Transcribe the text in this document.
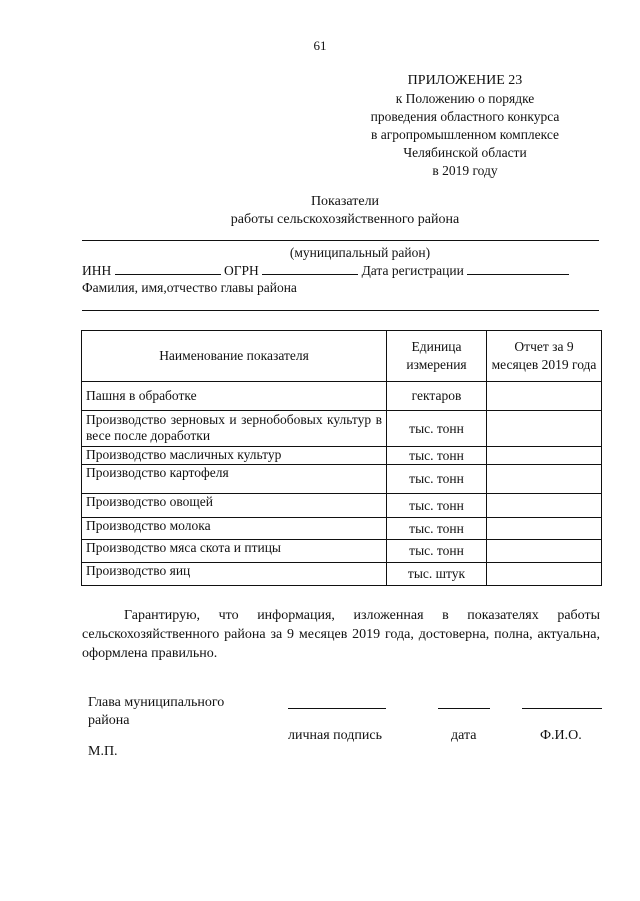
61
ПРИЛОЖЕНИЕ 23
к Положению о порядке
проведения областного конкурса
в агропромышленном комплексе
Челябинской области
в 2019 году
Показатели
работы сельскохозяйственного района
(муниципальный район)
ИНН	ОГРН	Дата регистрации
Фамилия, имя,отчество главы района
Наименование показателя	Единица измерения	Отчет за 9 месяцев 2019 года
Пашня в обработке	гектаров	
Производство зерновых и зернобобовых культур в весе после доработки	тыс. тонн	
Производство масличных культур	тыс. тонн	
Производство картофеля	тыс. тонн	
Производство овощей	тыс. тонн	
Производство молока	тыс. тонн	
Производство мяса скота и птицы	тыс. тонн	
Производство яиц	тыс. штук	
Гарантирую, что информация, изложенная в показателях работы сельскохозяйственного района за 9 месяцев 2019 года, достоверна, полна, актуальна, оформлена правильно.
Глава муниципального района
личная подпись	дата	Ф.И.О.
М.П.
